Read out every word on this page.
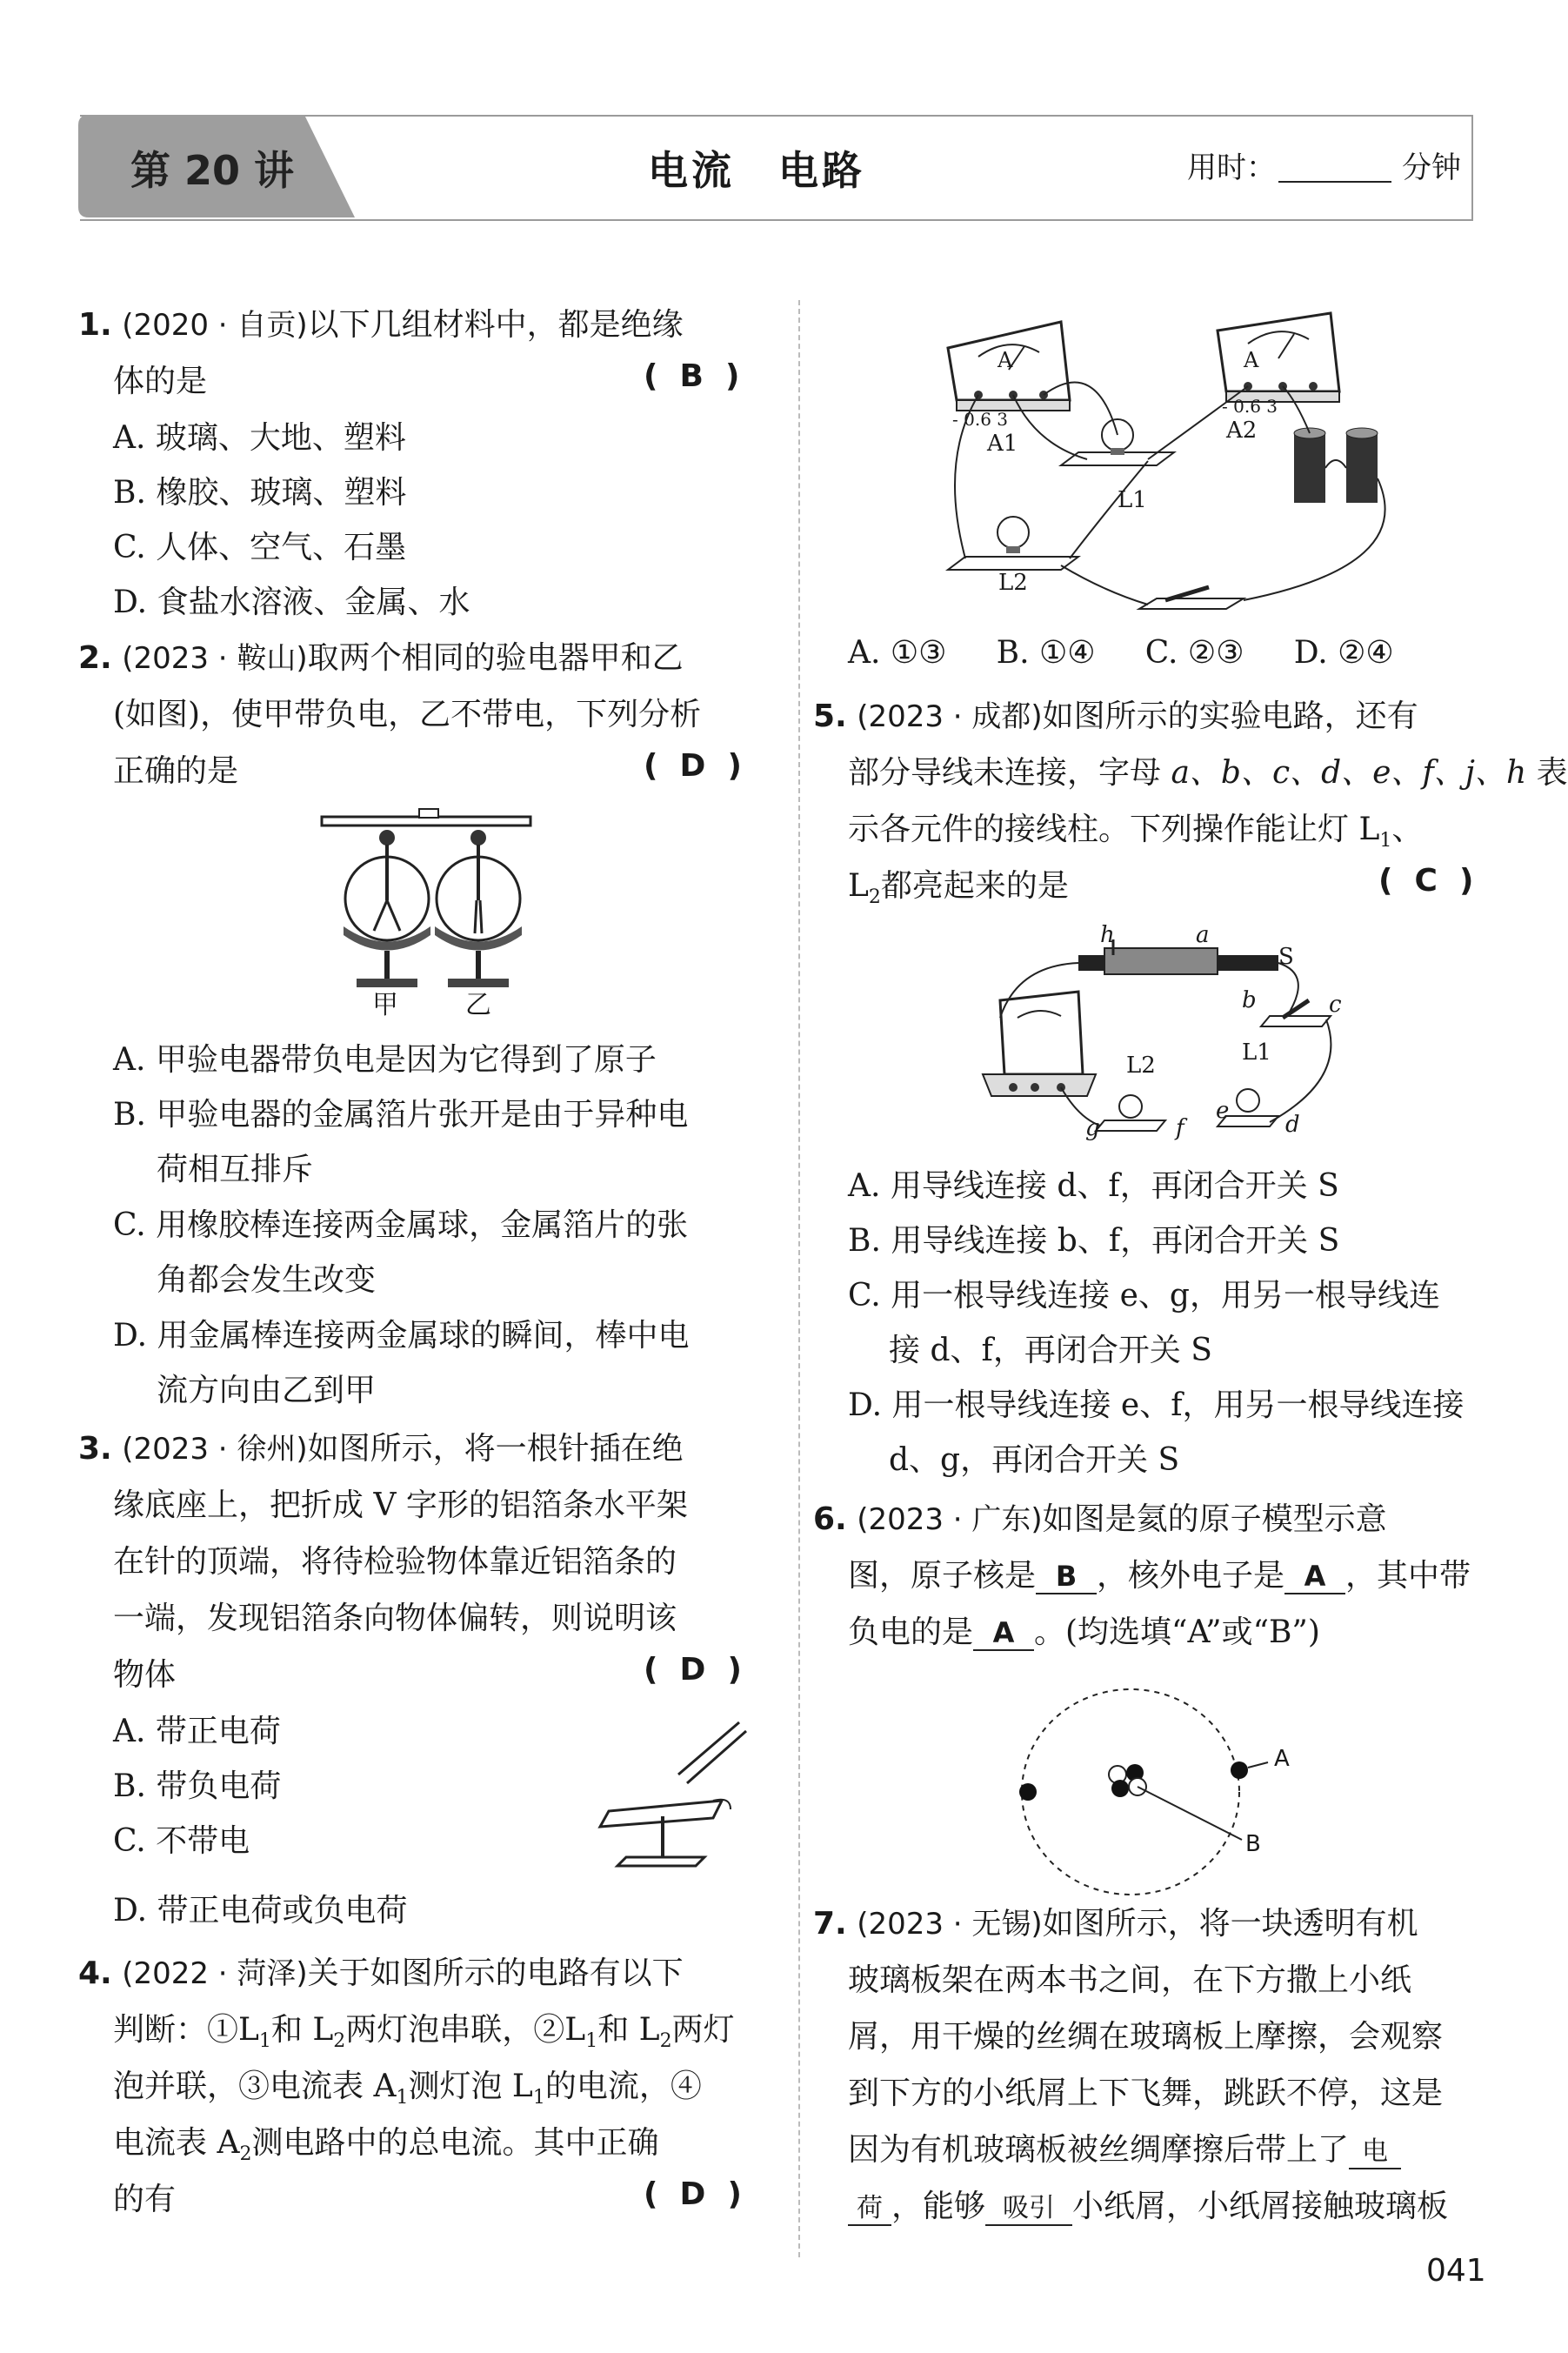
第 20 讲	电流　电路	用时：	分钟
1. (2020 · 自贡)以下几组材料中，都是绝缘
体的是	(  B  )
A. 玻璃、大地、塑料
B. 橡胶、玻璃、塑料
C. 人体、空气、石墨
D. 食盐水溶液、金属、水
2. (2023 · 鞍山)取两个相同的验电器甲和乙
(如图)，使甲带负电，乙不带电，下列分析
正确的是	(  D  )
甲	乙
A. 甲验电器带负电是因为它得到了原子
B. 甲验电器的金属箔片张开是由于异种电
荷相互排斥
C. 用橡胶棒连接两金属球，金属箔片的张
角都会发生改变
D. 用金属棒连接两金属球的瞬间，棒中电
流方向由乙到甲
3. (2023 · 徐州)如图所示，将一根针插在绝
缘底座上，把折成 V 字形的铝箔条水平架
在针的顶端，将待检验物体靠近铝箔条的
一端，发现铝箔条向物体偏转，则说明该
物体	(  D  )
A. 带正电荷
B. 带负电荷
C. 不带电
D. 带正电荷或负电荷
4. (2022 · 菏泽)关于如图所示的电路有以下
判断：$①L_1$和 $L_2$两灯泡串联，$②L_1$和 $L_2$两灯
泡并联，③电流表 $A_1$测灯泡 $L_1$的电流，④
电流表 $A_2$测电路中的总电流。其中正确
的有	(  D  )
A
- 0.6 3
A1
A
- 0.6 3
A2
L1
L2
A. ①③ B. ①④ C. ②③ D. ②④
5. (2023 · 成都)如图所示的实验电路，还有
部分导线未连接，字母 a、b、c、d、e、f、j、h 表
示各元件的接线柱。下列操作能让灯 $L_1$、
$L_2$都亮起来的是	(  C  )
h	a
S
b	c
L2	L1
g	f
e
d
A. 用导线连接 d、f，再闭合开关 S
B. 用导线连接 b、f，再闭合开关 S
C. 用一根导线连接 e、g，用另一根导线连
接 d、f，再闭合开关 S
D. 用一根导线连接 e、f，用另一根导线连接
d、g，再闭合开关 S
6. (2023 · 广东)如图是氦的原子模型示意
图，原子核是 B ，核外电子是 A ，其中带
负电的是 A 。(均选填“A”或“B”)
A
B
7. (2023 · 无锡)如图所示，将一块透明有机
玻璃板架在两本书之间，在下方撒上小纸
屑，用干燥的丝绸在玻璃板上摩擦，会观察
到下方的小纸屑上下飞舞，跳跃不停，这是
因为有机玻璃板被丝绸摩擦后带上了 电
荷 ，能够 吸引 小纸屑，小纸屑接触玻璃板
041
